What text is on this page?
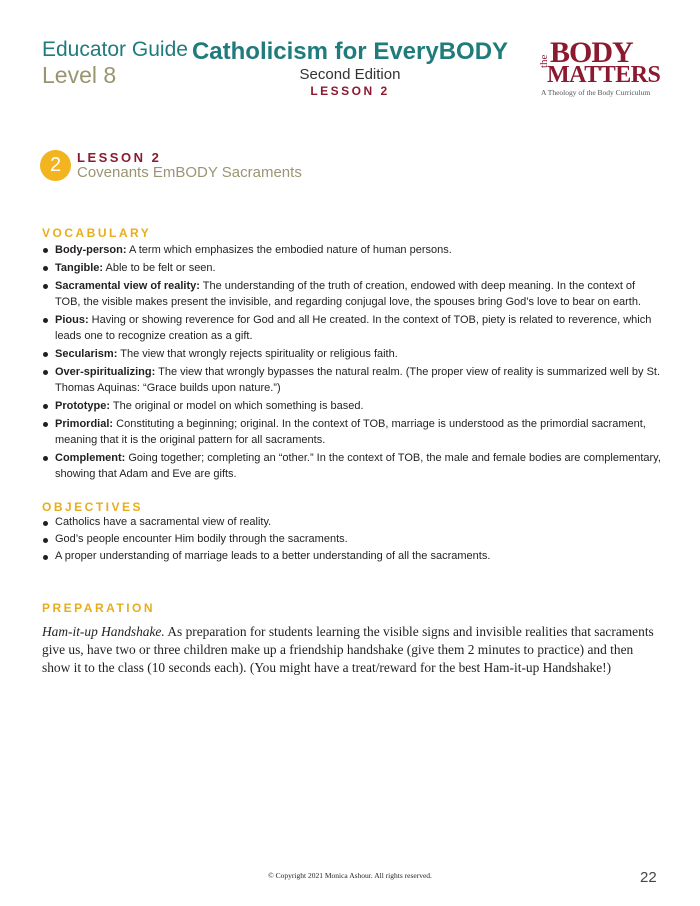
Educator Guide
Level 8
Catholicism for EveryBODY
Second Edition
LESSON 2
the BODY
MATTERS
A Theology of the Body Curriculum
2	LESSON 2
Covenants EmBODY Sacraments
VOCABULARY
Body-person: A term which emphasizes the embodied nature of human persons.
Tangible: Able to be felt or seen.
Sacramental view of reality: The understanding of the truth of creation, endowed with deep meaning. In the context of TOB, the visible makes present the invisible, and regarding conjugal love, the spouses bring God’s love to bear on earth.
Pious: Having or showing reverence for God and all He created. In the context of TOB, piety is related to reverence, which leads one to recognize creation as a gift.
Secularism: The view that wrongly rejects spirituality or religious faith.
Over-spiritualizing: The view that wrongly bypasses the natural realm. (The proper view of reality is summarized well by St. Thomas Aquinas: “Grace builds upon nature.”)
Prototype: The original or model on which something is based.
Primordial: Constituting a beginning; original. In the context of TOB, marriage is understood as the primordial sacrament, meaning that it is the original pattern for all sacraments.
Complement: Going together; completing an “other.” In the context of TOB, the male and female bodies are complementary, showing that Adam and Eve are gifts.
OBJECTIVES
Catholics have a sacramental view of reality.
God’s people encounter Him bodily through the sacraments.
A proper understanding of marriage leads to a better understanding of all the sacraments.
PREPARATION
Ham-it-up Handshake. As preparation for students learning the visible signs and invisible realities that sacraments give us, have two or three children make up a friendship handshake (give them 2 minutes to practice) and then show it to the class (10 seconds each). (You might have a treat/reward for the best Ham-it-up Handshake!)
© Copyright 2021 Monica Ashour. All rights reserved.	22
